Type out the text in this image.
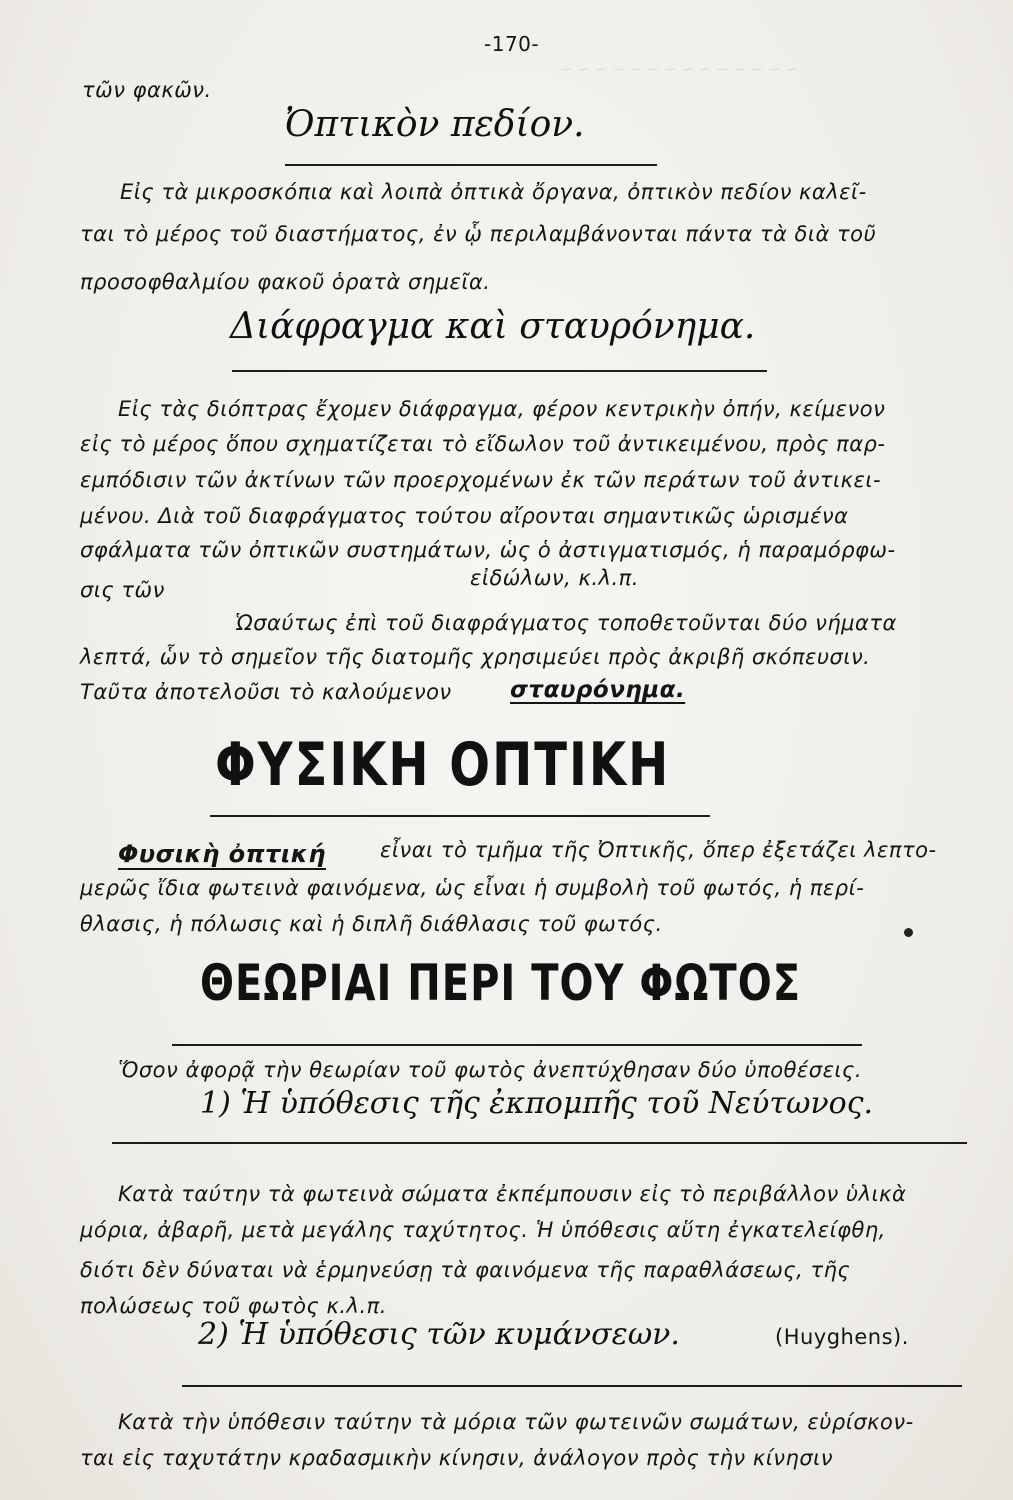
~ ~ ~ ~ ~ ~ ~ ~ ~ ~ ~ ~ ~ ~
-170-
τῶν φακῶν.
Ὀπτικὸν πεδίον.
Εἰς τὰ μικροσκόπια καὶ λοιπὰ ὀπτικὰ ὄργανα, ὀπτικὸν πεδίον καλεῖ-
ται τὸ μέρος τοῦ διαστήματος, ἐν ᾧ περιλαμβάνονται πάντα τὰ διὰ τοῦ
προσοφθαλμίου φακοῦ ὁρατὰ σημεῖα.
Διάφραγμα καὶ σταυρόνημα.
Εἰς τὰς διόπτρας ἔχομεν διάφραγμα, φέρον κεντρικὴν ὀπήν, κείμενον
εἰς τὸ μέρος ὅπου σχηματίζεται τὸ εἴδωλον τοῦ ἀντικειμένου, πρὸς παρ-
εμπόδισιν τῶν ἀκτίνων τῶν προερχομένων ἐκ τῶν περάτων τοῦ ἀντικει-
μένου. Διὰ τοῦ διαφράγματος τούτου αἴρονται σημαντικῶς ὡρισμένα
σφάλματα τῶν ὀπτικῶν συστημάτων, ὡς ὁ ἀστιγματισμός, ἡ παραμόρφω-
σις τῶν	εἰδώλων, κ.λ.π.
Ὡσαύτως ἐπὶ τοῦ διαφράγματος τοποθετοῦνται δύο νήματα
λεπτά, ὧν τὸ σημεῖον τῆς διατομῆς χρησιμεύει πρὸς ἀκριβῆ σκόπευσιν.
Ταῦτα ἀποτελοῦσι τὸ καλούμενον	σταυρόνημα.
ΦΥΣΙΚΗ ΟΠΤΙΚΗ
Φυσικὴ ὀπτική	εἶναι τὸ τμῆμα τῆς Ὀπτικῆς, ὅπερ ἐξετάζει λεπτο-
μερῶς ἴδια φωτεινὰ φαινόμενα, ὡς εἶναι ἡ συμβολὴ τοῦ φωτός, ἡ περί-
θλασις, ἡ πόλωσις καὶ ἡ διπλῆ διάθλασις τοῦ φωτός.
ΘΕΩΡΙΑΙ ΠΕΡΙ ΤΟΥ ΦΩΤΟΣ
Ὅσον ἀφορᾷ τὴν θεωρίαν τοῦ φωτὸς ἀνεπτύχθησαν δύο ὑποθέσεις.
1) Ἡ ὑπόθεσις τῆς ἐκπομπῆς τοῦ Νεύτωνος.
Κατὰ ταύτην τὰ φωτεινὰ σώματα ἐκπέμπουσιν εἰς τὸ περιβάλλον ὑλικὰ
μόρια, ἀβαρῆ, μετὰ μεγάλης ταχύτητος. Ἡ ὑπόθεσις αὕτη ἐγκατελείφθη,
διότι δὲν δύναται νὰ ἑρμηνεύσῃ τὰ φαινόμενα τῆς παραθλάσεως, τῆς
πολώσεως τοῦ φωτὸς κ.λ.π.
2) Ἡ ὑπόθεσις τῶν κυμάνσεων.	(Huyghens).
Κατὰ τὴν ὑπόθεσιν ταύτην τὰ μόρια τῶν φωτεινῶν σωμάτων, εὑρίσκον-
ται εἰς ταχυτάτην κραδασμικὴν κίνησιν, ἀνάλογον πρὸς τὴν κίνησιν
